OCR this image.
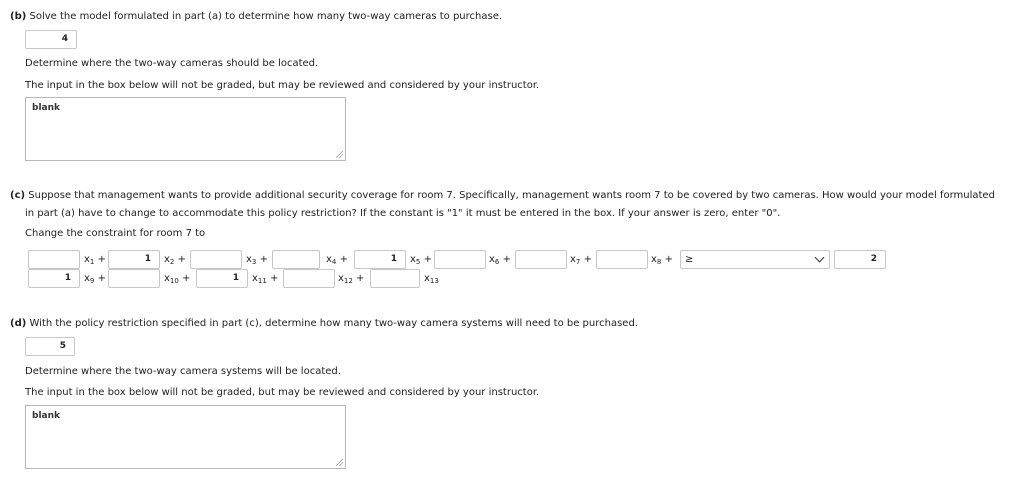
(b) Solve the model formulated in part (a) to determine how many two-way cameras to purchase.
4
Determine where the two-way cameras should be located.
The input in the box below will not be graded, but may be reviewed and considered by your instructor.
blank
(c) Suppose that management wants to provide additional security coverage for room 7. Specifically, management wants room 7 to be covered by two cameras. How would your model formulated
in part (a) have to change to accommodate this policy restriction? If the constant is "1" it must be entered in the box. If your answer is zero, enter "0".
Change the constraint for room 7 to
$x_1$ +	1	$x_2$ +	$x_3$ +	$x_4$ +	1	$x_5$ +	$x_6$ +	$x_7$ +	$x_8$ +	≥	2
1	$x_9$ +	$x_{10}$ +	1	$x_{11}$ +	$x_{12}$ +	$x_{13}$
(d) With the policy restriction specified in part (c), determine how many two-way camera systems will need to be purchased.
5
Determine where the two-way camera systems will be located.
The input in the box below will not be graded, but may be reviewed and considered by your instructor.
blank
